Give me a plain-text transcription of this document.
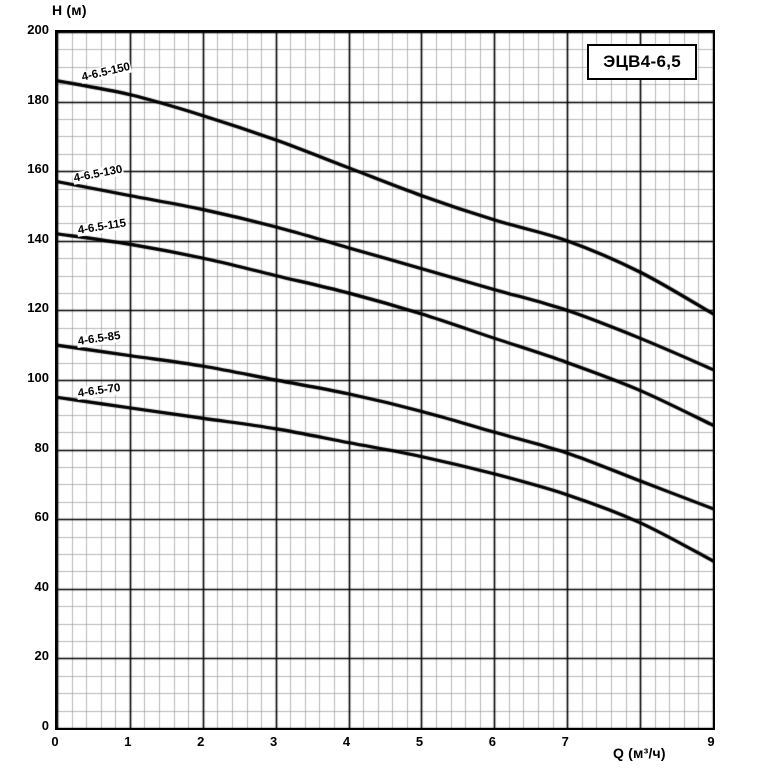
H (м)
Q (м³/ч)
ЭЦВ4-6,5
0
20
40
60
80
100
120
140
160
180
200
0	1	2	3	4	5	6	7	9
4-6.5-150
4-6.5-130
4-6.5-115
4-6.5-85
4-6.5-70
